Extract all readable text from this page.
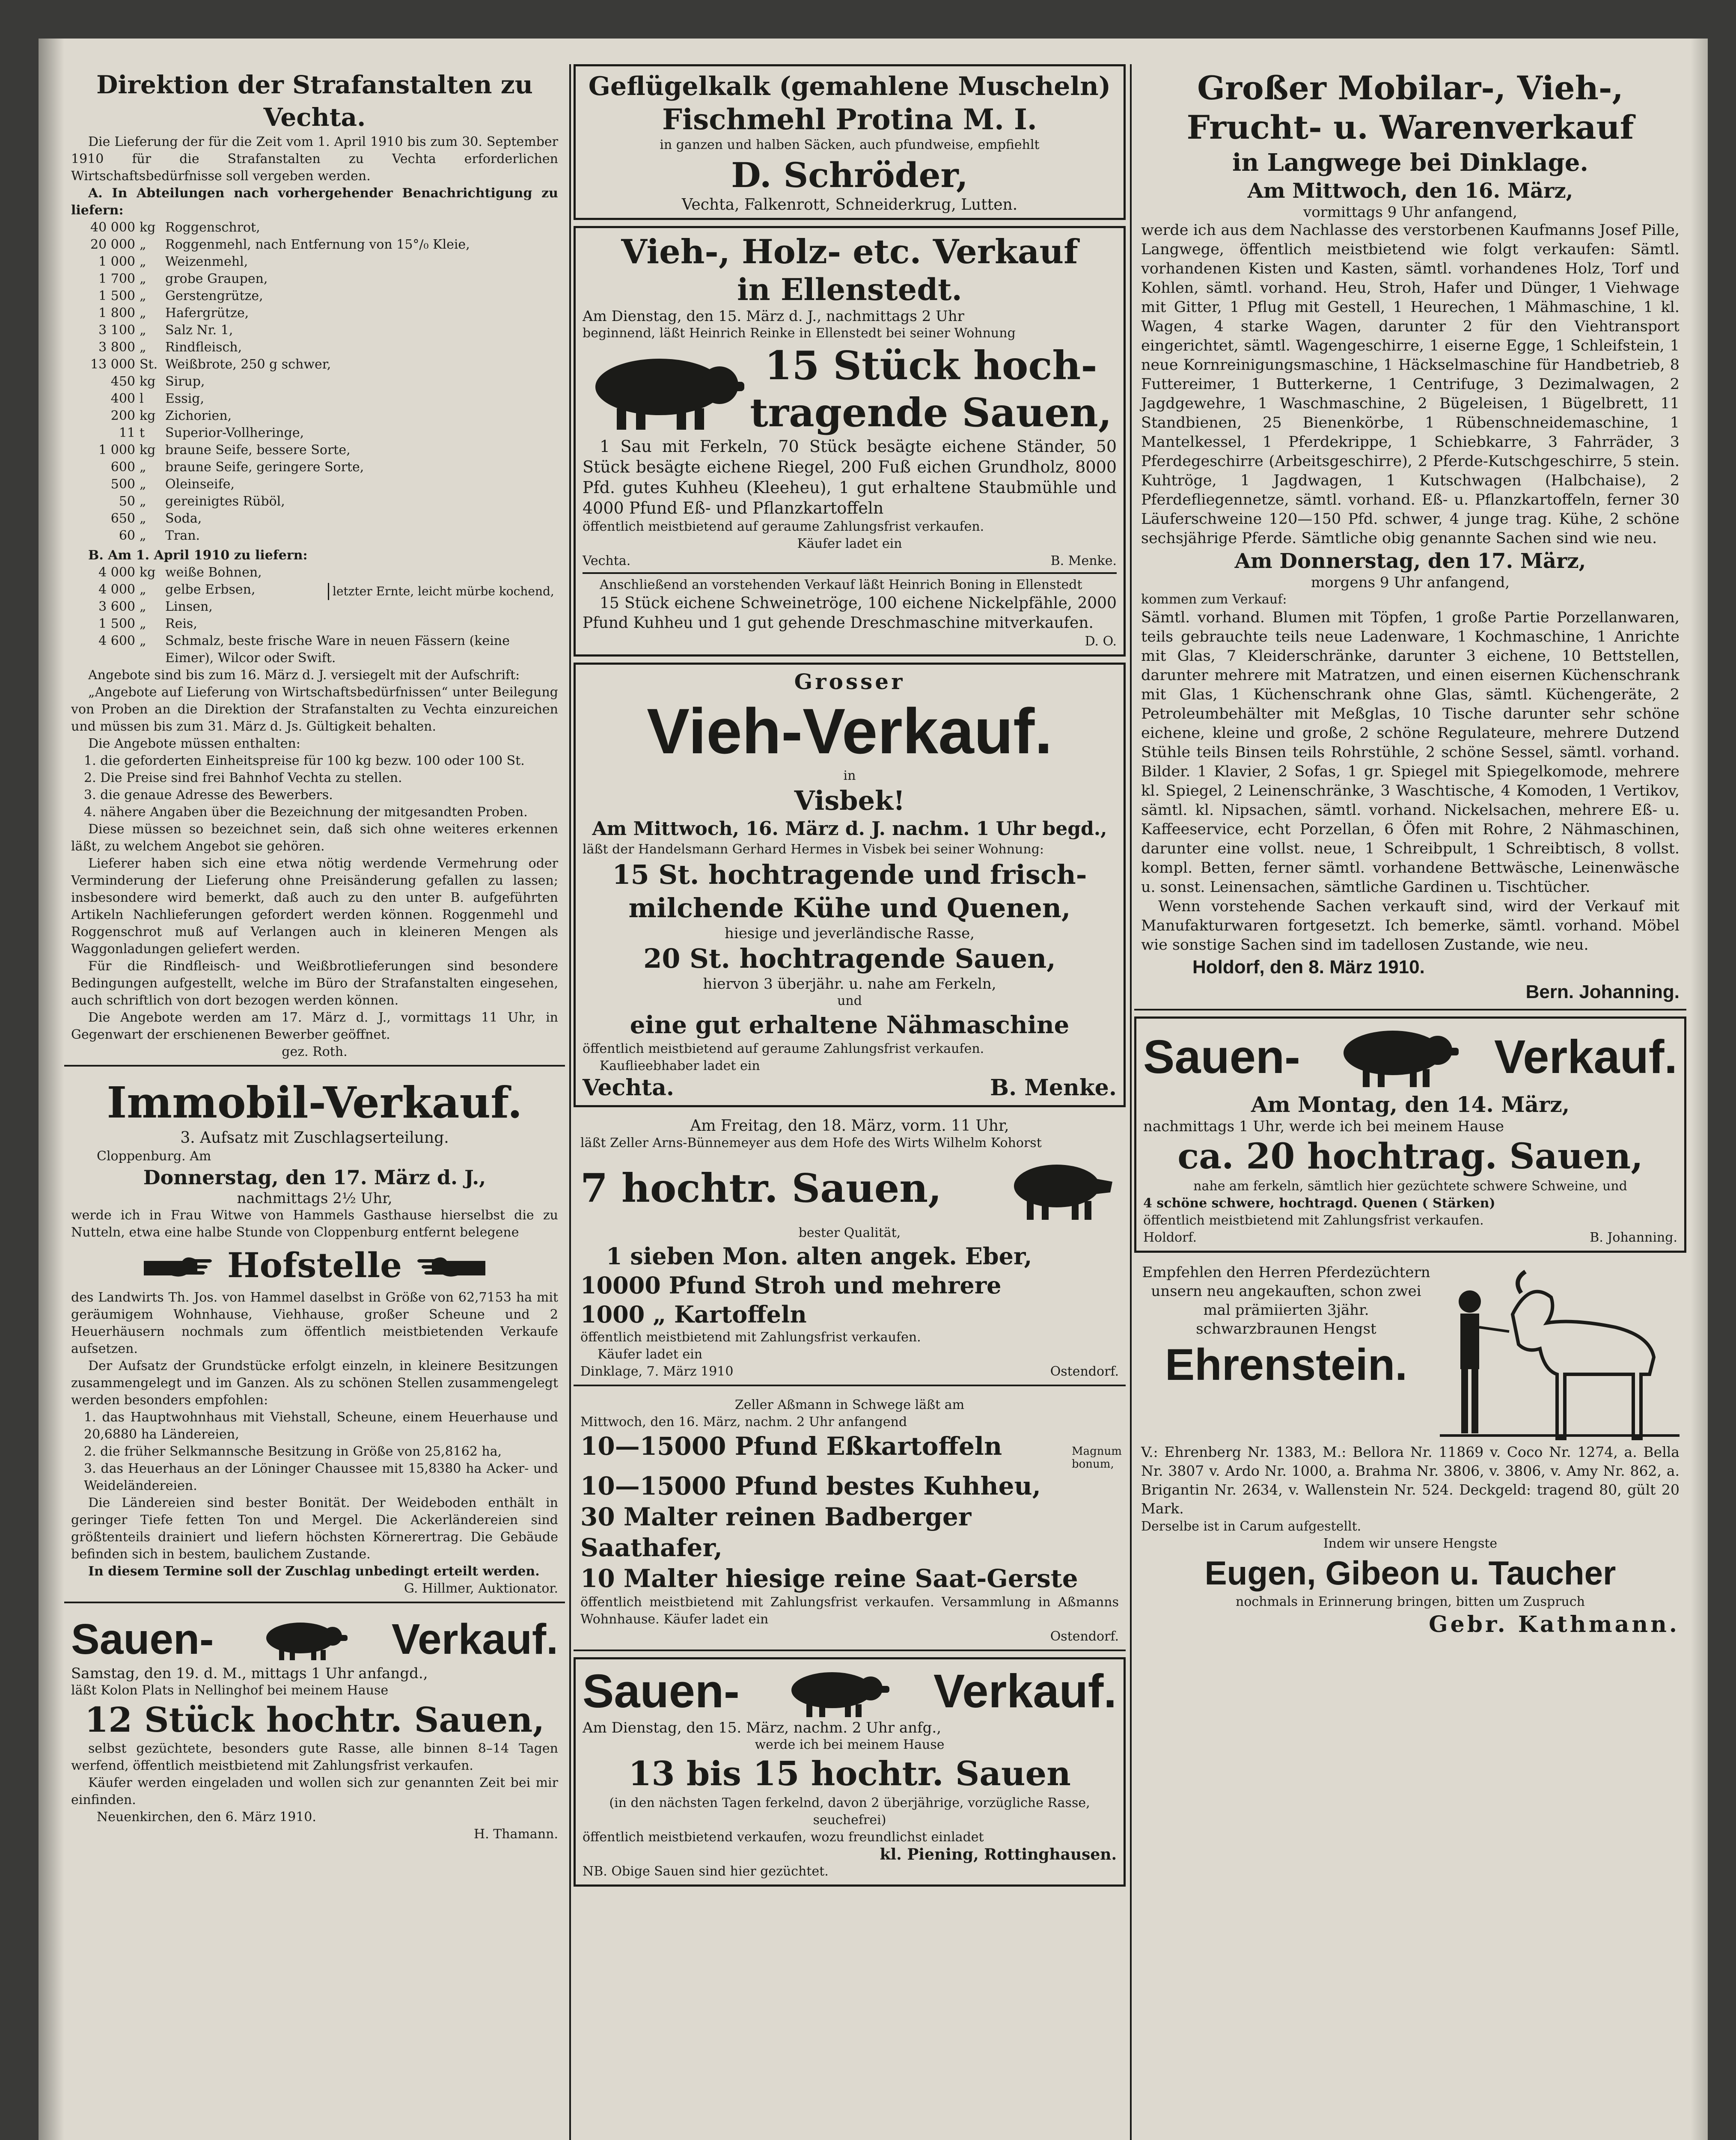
Direktion der Strafanstalten zu Vechta.

Die Lieferung der für die Zeit vom 1. April 1910 bis zum 30. September 1910 für die Strafanstalten zu Vechta erforderlichen Wirtschaftsbedürfnisse soll vergeben werden.

A. In Abteilungen nach vorhergehender Benachrichtigung zu liefern:

40 000 kg Roggenschrot,
20 000 „	Roggenmehl, nach Entfernung von 15°/₀ Kleie,
1 000 „	Weizenmehl,
1 700 „	grobe Graupen,
1 500 „	Gerstengrütze,
1 800 „	Hafergrütze,
3 100 „	Salz Nr. 1,
3 800 „	Rindfleisch,
13 000 St. Weißbrote, 250 g schwer,
450 kg Sirup,
400 l	Essig,
200 kg Zichorien,
11 t	Superior-Vollheringe,
1 000 kg braune Seife, bessere Sorte,
600 „	braune Seife, geringere Sorte,
500 „	Oleinseife,
50 „	gereinigtes Rüböl,
650 „	Soda,
60 „	Tran.

B. Am 1. April 1910 zu liefern:

4 000 kg weiße Bohnen,
4 000 „	gelbe Erbsen,
3 600 „	Linsen,
1 500 „	Reis,
4 600 „	Schmalz, beste frische Ware in neuen Fässern (keine Eimer), Wilcor oder Swift.

letzter Ernte, leicht mürbe kochend,

Angebote sind bis zum 16. März d. J. versiegelt mit der Aufschrift:

„Angebote auf Lieferung von Wirtschaftsbedürfnissen“ unter Beilegung von Proben an die Direktion der Strafanstalten zu Vechta einzureichen und müssen bis zum 31. März d. Js. Gültigkeit behalten.

Die Angebote müssen enthalten:

1. die geforderten Einheitspreise für 100 kg bezw. 100 oder 100 St.

2. Die Preise sind frei Bahnhof Vechta zu stellen.

3. die genaue Adresse des Bewerbers.

4. nähere Angaben über die Bezeichnung der mitgesandten Proben.

Diese müssen so bezeichnet sein, daß sich ohne weiteres erkennen läßt, zu welchem Angebot sie gehören.

Lieferer haben sich eine etwa nötig werdende Vermehrung oder Verminderung der Lieferung ohne Preisänderung gefallen zu lassen; insbesondere wird bemerkt, daß auch zu den unter B. aufgeführten Artikeln Nachlieferungen gefordert werden können. Roggenmehl und Roggenschrot muß auf Verlangen auch in kleineren Mengen als Waggonladungen geliefert werden.

Für die Rindfleisch- und Weißbrotlieferungen sind besondere Bedingungen aufgestellt, welche im Büro der Strafanstalten eingesehen, auch schriftlich von dort bezogen werden können.

Die Angebote werden am 17. März d. J., vormittags 11 Uhr, in Gegenwart der erschienenen Bewerber geöffnet.

gez. Roth.

Immobil-Verkauf.

3. Aufsatz mit Zuschlagserteilung.

Cloppenburg. Am

Donnerstag, den 17. März d. J.,

nachmittags 2½ Uhr,

werde ich in Frau Witwe von Hammels Gasthause hierselbst die zu Nutteln, etwa eine halbe Stunde von Cloppenburg entfernt belegene

Hofstelle

des Landwirts Th. Jos. von Hammel daselbst in Größe von 62,7153 ha mit geräumigem Wohnhause, Viehhause, großer Scheune und 2 Heuerhäusern nochmals zum öffentlich meistbietenden Verkaufe aufsetzen.

Der Aufsatz der Grundstücke erfolgt einzeln, in kleinere Besitzungen zusammengelegt und im Ganzen. Als zu schönen Stellen zusammengelegt werden besonders empfohlen:

1. das Hauptwohnhaus mit Viehstall, Scheune, einem Heuerhause und 20,6880 ha Ländereien,

2. die früher Selkmannsche Besitzung in Größe von 25,8162 ha,

3. das Heuerhaus an der Löninger Chaussee mit 15,8380 ha Acker- und Weideländereien.

Die Ländereien sind bester Bonität. Der Weideboden enthält in geringer Tiefe fetten Ton und Mergel. Die Ackerländereien sind größtenteils drainiert und liefern höchsten Körnerertrag. Die Gebäude befinden sich in bestem, baulichem Zustande.

In diesem Termine soll der Zuschlag unbedingt erteilt werden.

G. Hillmer, Auktionator.

Sauen-	Verkauf.

Samstag, den 19. d. M., mittags 1 Uhr anfangd.,

läßt Kolon Plats in Nellinghof bei meinem Hause

12 Stück hochtr. Sauen,

selbst gezüchtete, besonders gute Rasse, alle binnen 8–14 Tagen werfend, öffentlich meistbietend mit Zahlungsfrist verkaufen.

Käufer werden eingeladen und wollen sich zur genannten Zeit bei mir einfinden.

Neuenkirchen, den 6. März 1910.

H. Thamann.

Geflügelkalk (gemahlene Muscheln)

Fischmehl Protina M. I.

in ganzen und halben Säcken, auch pfundweise, empfiehlt

D. Schröder,

Vechta, Falkenrott, Schneiderkrug, Lutten.

Vieh-, Holz- etc. Verkauf

in Ellenstedt.

Am Dienstag, den 15. März d. J., nachmittags 2 Uhr

beginnend, läßt Heinrich Reinke in Ellenstedt bei seiner Wohnung

15 Stück hoch-

tragende Sauen,

1 Sau mit Ferkeln, 70 Stück besägte eichene Ständer, 50 Stück besägte eichene Riegel, 200 Fuß eichen Grundholz, 8000 Pfd. gutes Kuhheu (Kleeheu), 1 gut erhaltene Staubmühle und 4000 Pfund Eß- und Pflanzkartoffeln

öffentlich meistbietend auf geraume Zahlungsfrist verkaufen.

Käufer ladet ein

Vechta.	B. Menke.

Anschließend an vorstehenden Verkauf läßt Heinrich Boning in Ellenstedt

15 Stück eichene Schweinetröge, 100 eichene Nickelpfähle, 2000 Pfund Kuhheu und 1 gut gehende Dreschmaschine mitverkaufen.

D. O.

Grosser

Vieh-Verkauf.

in

Visbek!

Am Mittwoch, 16. März d. J. nachm. 1 Uhr begd.,

läßt der Handelsmann Gerhard Hermes in Visbek bei seiner Wohnung:

15 St. hochtragende und frisch-

milchende Kühe und Quenen,

hiesige und jeverländische Rasse,

20 St. hochtragende Sauen,

hiervon 3 überjähr. u. nahe am Ferkeln,

und

eine gut erhaltene Nähmaschine

öffentlich meistbietend auf geraume Zahlungsfrist verkaufen.

Kauflieebhaber ladet ein

Vechta.	B. Menke.

Am Freitag, den 18. März, vorm. 11 Uhr,

läßt Zeller Arns-Bünnemeyer aus dem Hofe des Wirts Wilhelm Kohorst

7 hochtr. Sauen,

bester Qualität,

1 sieben Mon. alten angek. Eber,

10000 Pfund Stroh und mehrere

1000 „ Kartoffeln

öffentlich meistbietend mit Zahlungsfrist verkaufen.

Käufer ladet ein

Dinklage, 7. März 1910	Ostendorf.

Zeller Aßmann in Schwege läßt am

Mittwoch, den 16. März, nachm. 2 Uhr anfangend

10—15000 Pfund Eßkartoffeln	Magnum bonum,

10—15000 Pfund bestes Kuhheu,

30 Malter reinen Badberger Saathafer,

10 Malter hiesige reine Saat-Gerste

öffentlich meistbietend mit Zahlungsfrist verkaufen. Versammlung in Aßmanns Wohnhause. Käufer ladet ein

Ostendorf.

Sauen-	Verkauf.

Am Dienstag, den 15. März, nachm. 2 Uhr anfg.,

werde ich bei meinem Hause

13 bis 15 hochtr. Sauen

(in den nächsten Tagen ferkelnd, davon 2 überjährige, vorzügliche Rasse, seuchefrei)

öffentlich meistbietend verkaufen, wozu freundlichst einladet

kl. Piening, Rottinghausen.

NB. Obige Sauen sind hier gezüchtet.

Großer Mobilar-, Vieh-,

Frucht- u. Warenverkauf

in Langwege bei Dinklage.

Am Mittwoch, den 16. März,

vormittags 9 Uhr anfangend,

werde ich aus dem Nachlasse des verstorbenen Kaufmanns Josef Pille, Langwege, öffentlich meistbietend wie folgt verkaufen: Sämtl. vorhandenen Kisten und Kasten, sämtl. vorhandenes Holz, Torf und Kohlen, sämtl. vorhand. Heu, Stroh, Hafer und Dünger, 1 Viehwage mit Gitter, 1 Pflug mit Gestell, 1 Heurechen, 1 Mähmaschine, 1 kl. Wagen, 4 starke Wagen, darunter 2 für den Viehtransport eingerichtet, sämtl. Wagengeschirre, 1 eiserne Egge, 1 Schleifstein, 1 neue Kornreinigungsmaschine, 1 Häckselmaschine für Handbetrieb, 8 Futtereimer, 1 Butterkerne, 1 Centrifuge, 3 Dezimalwagen, 2 Jagdgewehre, 1 Waschmaschine, 2 Bügeleisen, 1 Bügelbrett, 11 Standbienen, 25 Bienenkörbe, 1 Rübenschneidemaschine, 1 Mantelkessel, 1 Pferdekrippe, 1 Schiebkarre, 3 Fahrräder, 3 Pferdegeschirre (Arbeitsgeschirre), 2 Pferde-Kutschgeschirre, 5 stein. Kuhtröge, 1 Jagdwagen, 1 Kutschwagen (Halbchaise), 2 Pferdefliegennetze, sämtl. vorhand. Eß- u. Pflanzkartoffeln, ferner 30 Läuferschweine 120—150 Pfd. schwer, 4 junge trag. Kühe, 2 schöne sechsjährige Pferde. Sämtliche obig genannte Sachen sind wie neu.

Am Donnerstag, den 17. März,

morgens 9 Uhr anfangend,

kommen zum Verkauf:

Sämtl. vorhand. Blumen mit Töpfen, 1 große Partie Porzellanwaren, teils gebrauchte teils neue Ladenware, 1 Kochmaschine, 1 Anrichte mit Glas, 7 Kleiderschränke, darunter 3 eichene, 10 Bettstellen, darunter mehrere mit Matratzen, und einen eisernen Küchenschrank mit Glas, 1 Küchenschrank ohne Glas, sämtl. Küchengeräte, 2 Petroleumbehälter mit Meßglas, 10 Tische darunter sehr schöne eichene, kleine und große, 2 schöne Regulateure, mehrere Dutzend Stühle teils Binsen teils Rohrstühle, 2 schöne Sessel, sämtl. vorhand. Bilder. 1 Klavier, 2 Sofas, 1 gr. Spiegel mit Spiegelkomode, mehrere kl. Spiegel, 2 Leinenschränke, 3 Waschtische, 4 Komoden, 1 Vertikov, sämtl. kl. Nipsachen, sämtl. vorhand. Nickelsachen, mehrere Eß- u. Kaffeeservice, echt Porzellan, 6 Öfen mit Rohre, 2 Nähmaschinen, darunter eine vollst. neue, 1 Schreibpult, 1 Schreibtisch, 8 vollst. kompl. Betten, ferner sämtl. vorhandene Bettwäsche, Leinenwäsche u. sonst. Leinensachen, sämtliche Gardinen u. Tischtücher.

Wenn vorstehende Sachen verkauft sind, wird der Verkauf mit Manufakturwaren fortgesetzt. Ich bemerke, sämtl. vorhand. Möbel wie sonstige Sachen sind im tadellosen Zustande, wie neu.

Holdorf, den 8. März 1910.

Bern. Johanning.

Sauen-	Verkauf.

Am Montag, den 14. März,

nachmittags 1 Uhr, werde ich bei meinem Hause

ca. 20 hochtrag. Sauen,

nahe am ferkeln, sämtlich hier gezüchtete schwere Schweine, und

4 schöne schwere, hochtragd. Quenen ( Stärken)

öffentlich meistbietend mit Zahlungsfrist verkaufen.

Holdorf.	B. Johanning.

Empfehlen den Herren Pferdezüchtern unsern neu angekauften, schon zwei mal prämiierten 3jähr. schwarzbraunen Hengst

Ehrenstein.

V.: Ehrenberg Nr. 1383, M.: Bellora Nr. 11869 v. Coco Nr. 1274, a. Bella Nr. 3807 v. Ardo Nr. 1000, a. Brahma Nr. 3806, v. 3806, v. Amy Nr. 862, a. Brigantin Nr. 2634, v. Wallenstein Nr. 524. Deckgeld: tragend 80, gült 20 Mark.

Derselbe ist in Carum aufgestellt.

Indem wir unsere Hengste

Eugen, Gibeon u. Taucher

nochmals in Erinnerung bringen, bitten um Zuspruch

Gebr. Kathmann.
